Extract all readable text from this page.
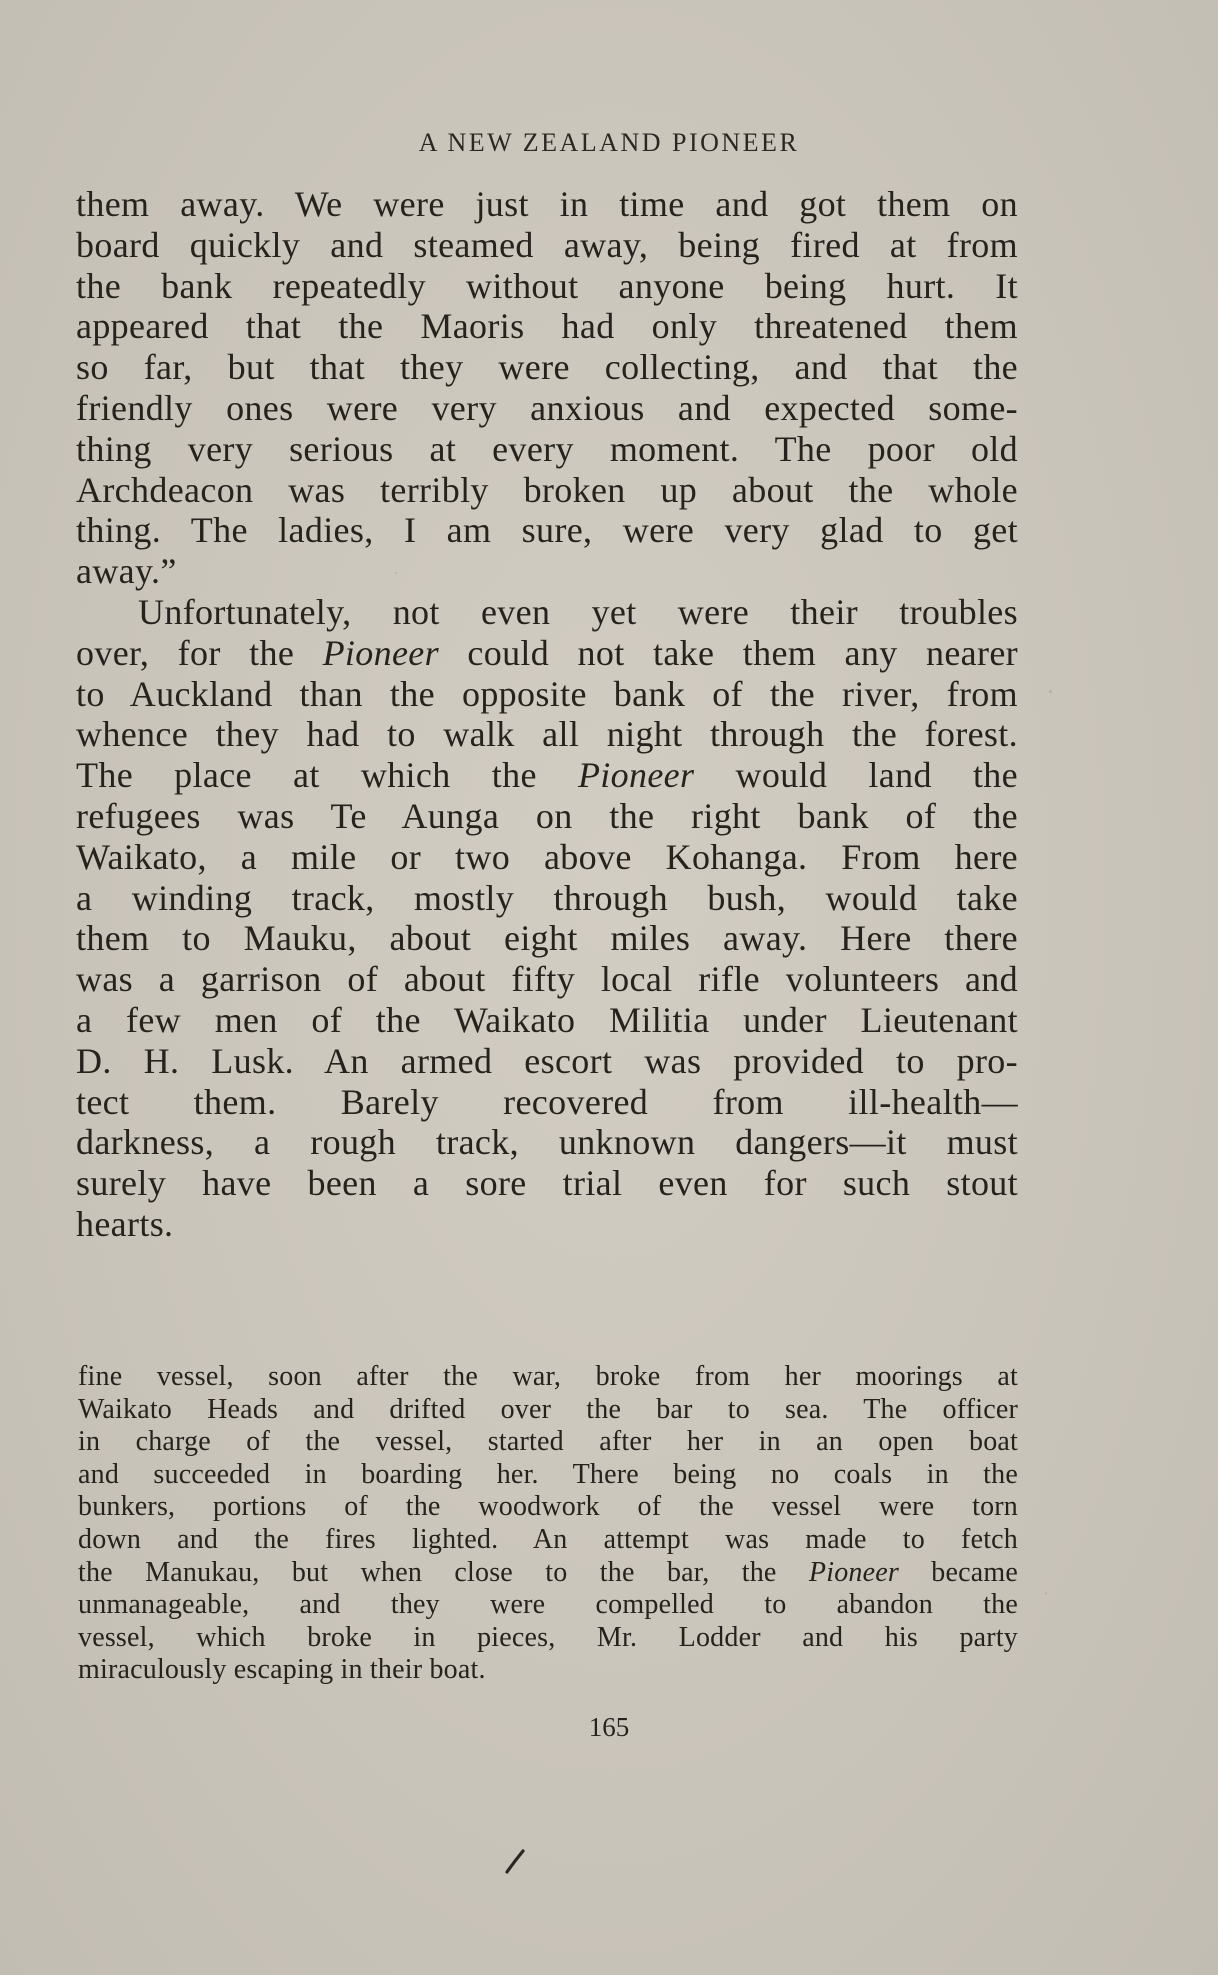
A NEW ZEALAND PIONEER
them away. We were just in time and got them on
board quickly and steamed away, being fired at from
the bank repeatedly without anyone being hurt. It
appeared that the Maoris had only threatened them
so far, but that they were collecting, and that the
friendly ones were very anxious and expected some-
thing very serious at every moment. The poor old
Archdeacon was terribly broken up about the whole
thing. The ladies, I am sure, were very glad to get
away.”
Unfortunately, not even yet were their troubles
over, for the Pioneer could not take them any nearer
to Auckland than the opposite bank of the river, from
whence they had to walk all night through the forest.
The place at which the Pioneer would land the
refugees was Te Aunga on the right bank of the
Waikato, a mile or two above Kohanga. From here
a winding track, mostly through bush, would take
them to Mauku, about eight miles away. Here there
was a garrison of about fifty local rifle volunteers and
a few men of the Waikato Militia under Lieutenant
D. H. Lusk. An armed escort was provided to pro-
tect them. Barely recovered from ill-health—
darkness, a rough track, unknown dangers—it must
surely have been a sore trial even for such stout
hearts.
fine vessel, soon after the war, broke from her moorings at
Waikato Heads and drifted over the bar to sea. The officer
in charge of the vessel, started after her in an open boat
and succeeded in boarding her. There being no coals in the
bunkers, portions of the woodwork of the vessel were torn
down and the fires lighted. An attempt was made to fetch
the Manukau, but when close to the bar, the Pioneer became
unmanageable, and they were compelled to abandon the
vessel, which broke in pieces, Mr. Lodder and his party
miraculously escaping in their boat.

165
